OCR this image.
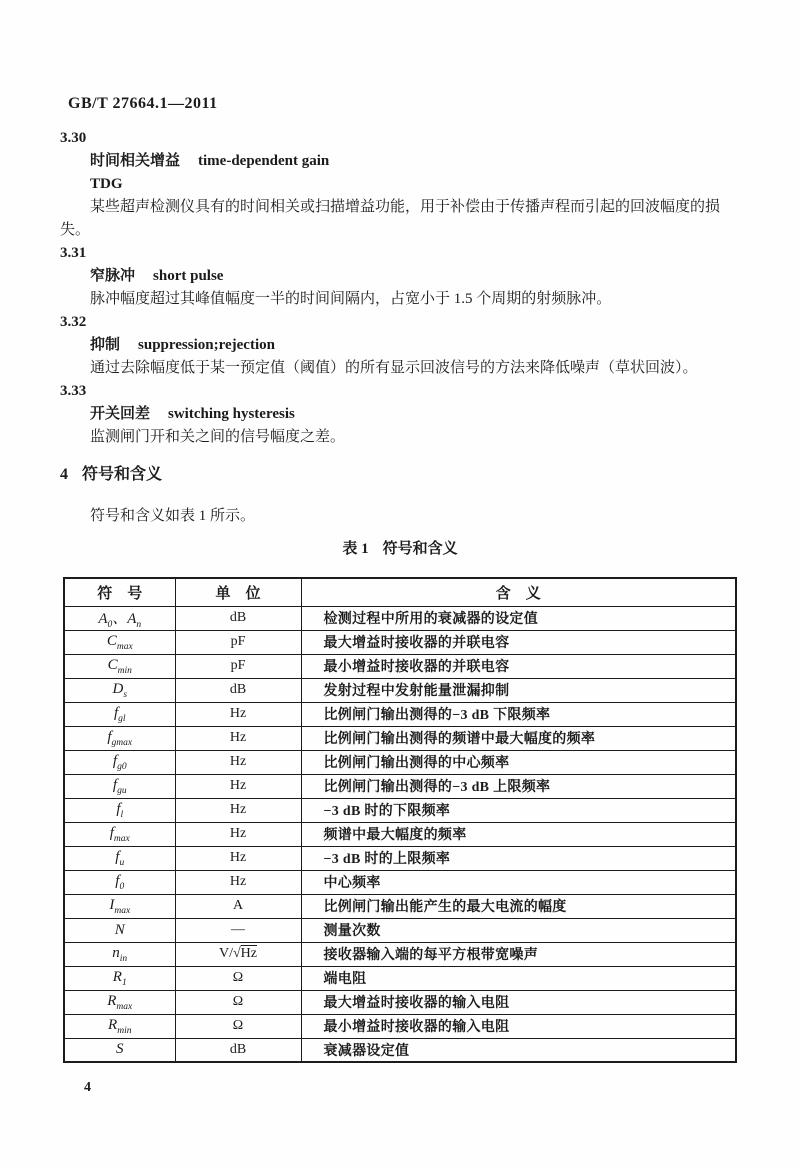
GB/T 27664.1—2011
3.30
时间相关增益 time-dependent gain
TDG

某些超声检测仪具有的时间相关或扫描增益功能，用于补偿由于传播声程而引起的回波幅度的损失。

3.31
窄脉冲 short pulse

脉冲幅度超过其峰值幅度一半的时间间隔内，占宽小于 1.5 个周期的射频脉冲。

3.32
抑制 suppression;rejection

通过去除幅度低于某一预定值（阈值）的所有显示回波信号的方法来降低噪声（草状回波）。

3.33
开关回差 switching hysteresis

监测闸门开和关之间的信号幅度之差。

4 符号和含义

符号和含义如表 1 所示。

表 1 符号和含义
符　号	单　位	含　义
$A_0$、$A_n$	dB	检测过程中所用的衰减器的设定值
$C_{max}$	pF	最大增益时接收器的并联电容
$C_{min}$	pF	最小增益时接收器的并联电容
$D_s$	dB	发射过程中发射能量泄漏抑制
$f_{gl}$	Hz	比例闸门输出测得的−3 dB 下限频率
$f_{gmax}$	Hz	比例闸门输出测得的频谱中最大幅度的频率
$f_{g0}$	Hz	比例闸门输出测得的中心频率
$f_{gu}$	Hz	比例闸门输出测得的−3 dB 上限频率
$f_l$	Hz	−3 dB 时的下限频率
$f_{max}$	Hz	频谱中最大幅度的频率
$f_u$	Hz	−3 dB 时的上限频率
$f_0$	Hz	中心频率
$I_{max}$	A	比例闸门输出能产生的最大电流的幅度
N	—	测量次数
$n_{in}$	V/√Hz	接收器输入端的每平方根带宽噪声
$R_1$	Ω	端电阻
$R_{max}$	Ω	最大增益时接收器的输入电阻
$R_{min}$	Ω	最小增益时接收器的输入电阻
S	dB	衰减器设定值
4
